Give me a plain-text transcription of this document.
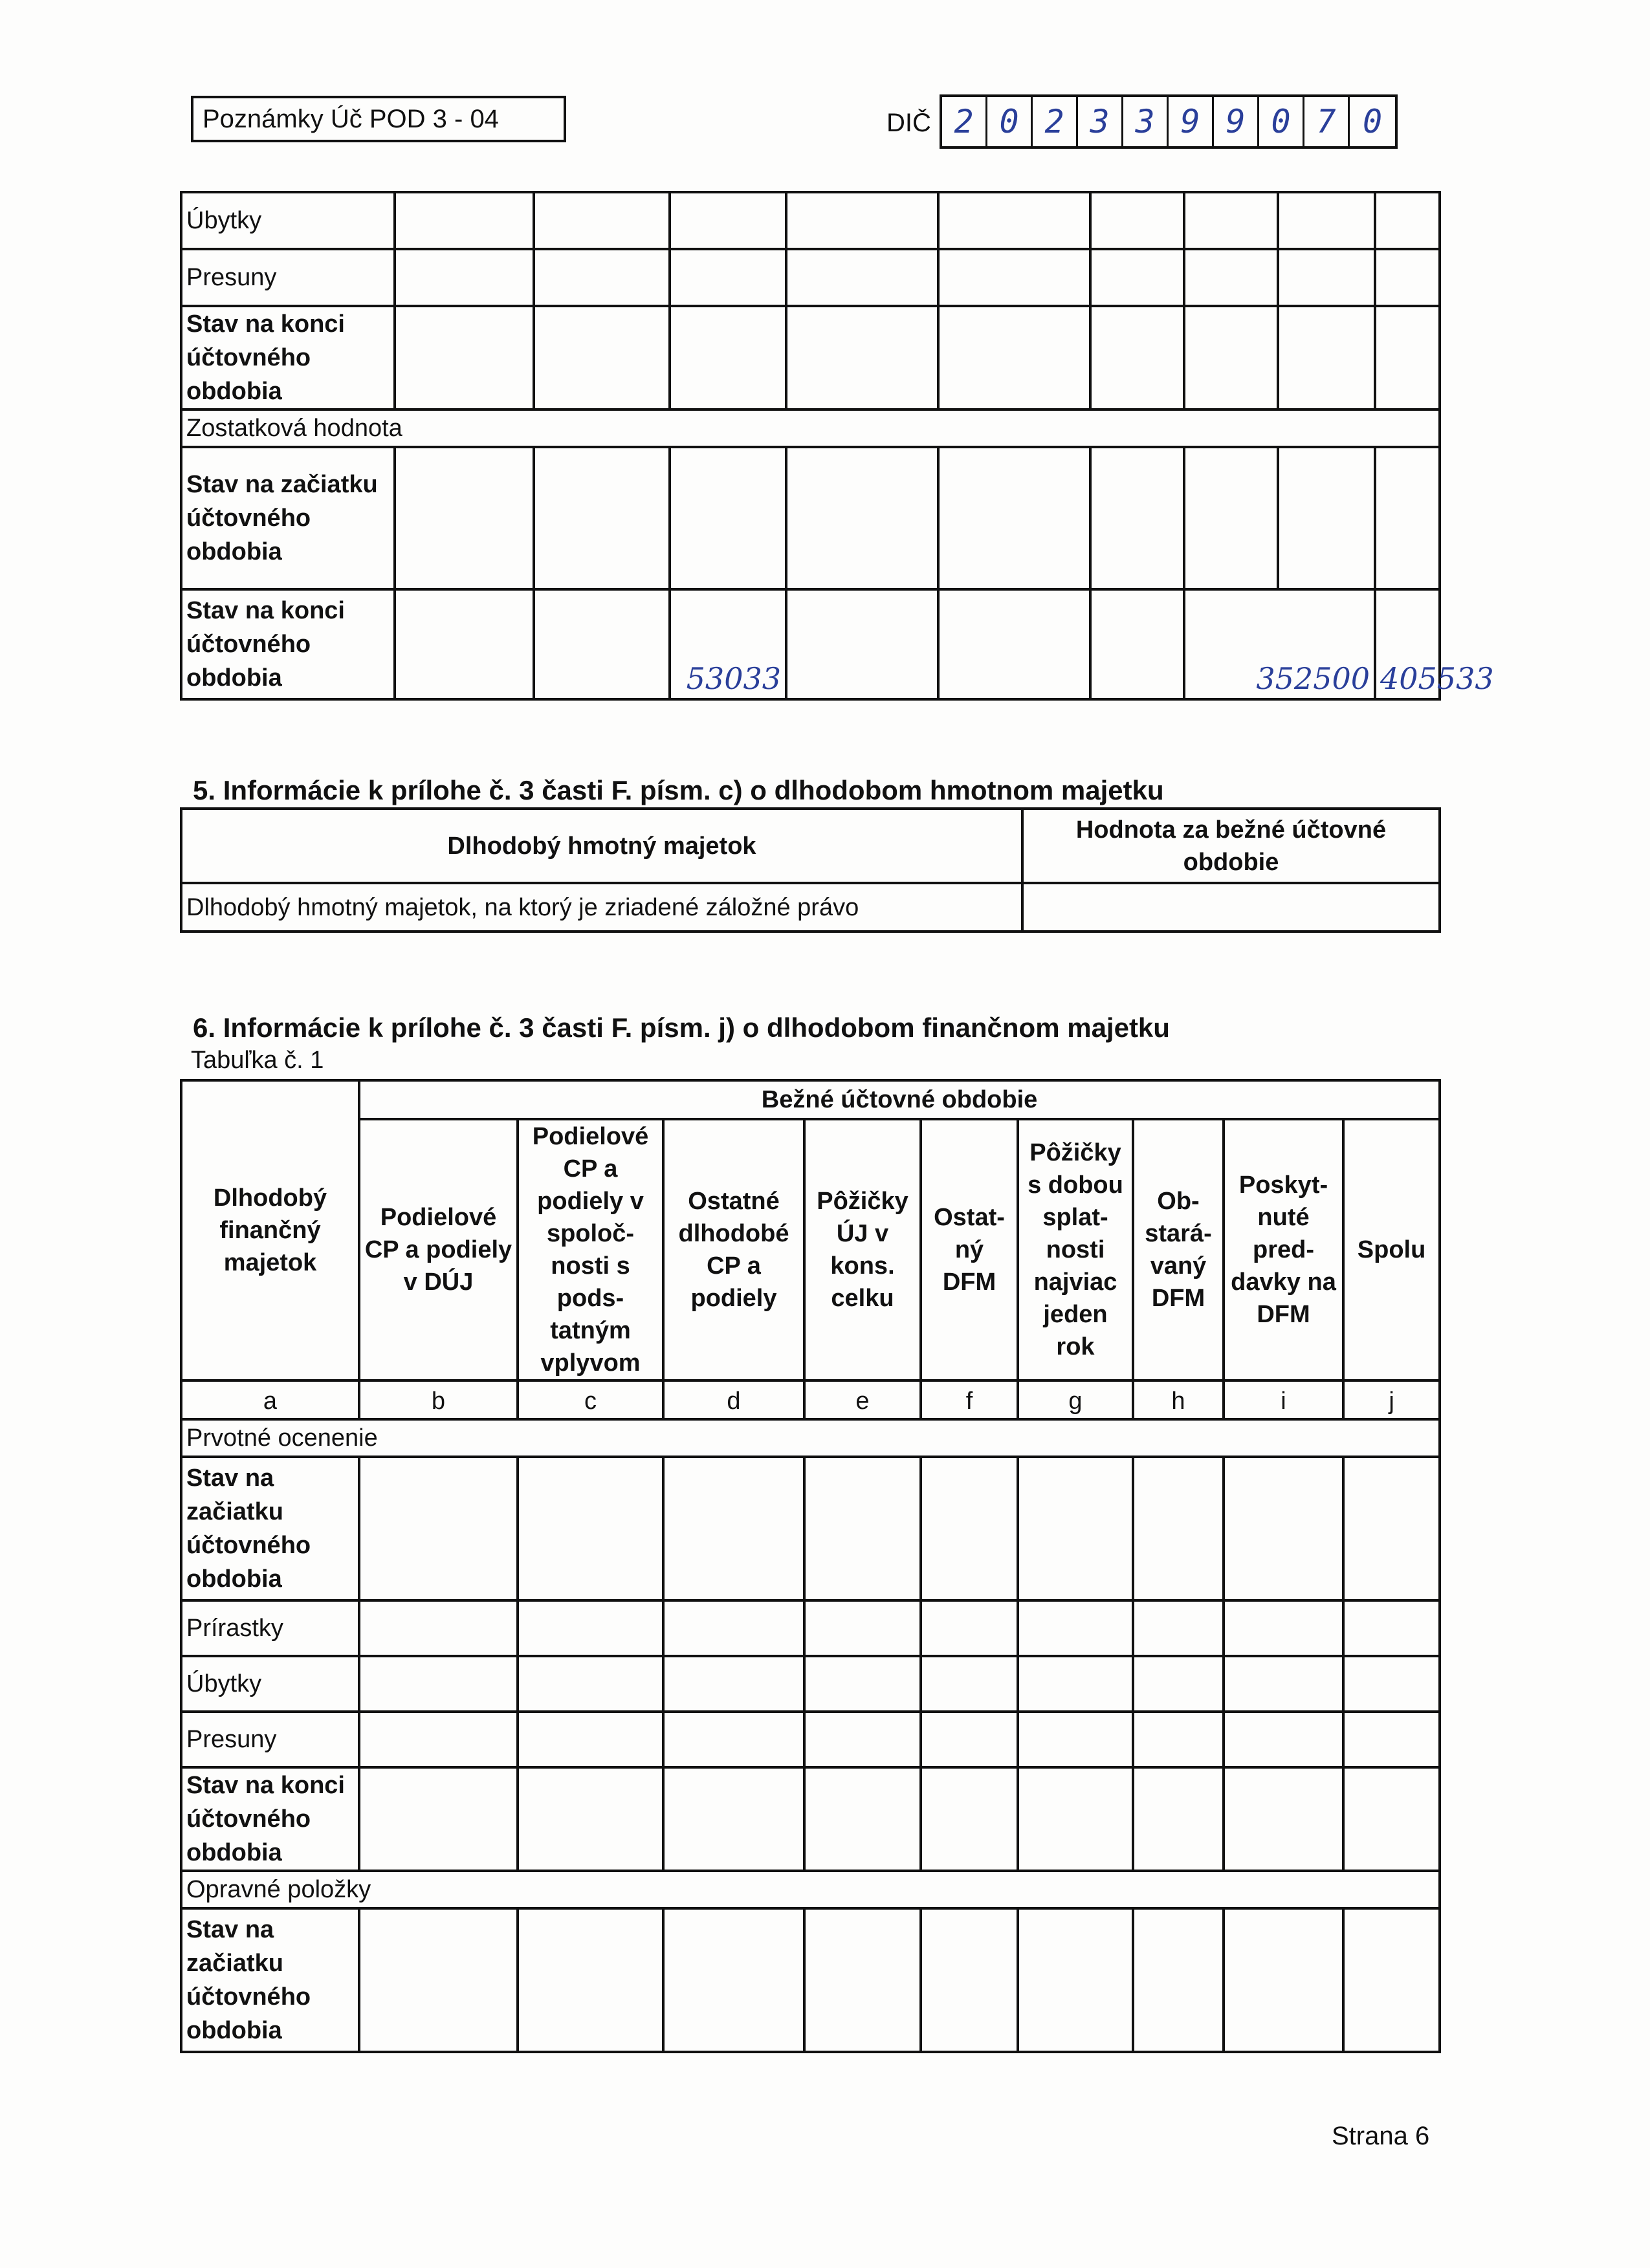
Poznámky Úč POD 3 - 04	DIČ 2 0 2 3 3 9 9 0 7 0
Úbytky									
Presuny									
Stav na konci účtovného obdobia									
Zostatková hodnota									
Stav na začiatku účtovného obdobia									
Stav na konci účtovného obdobia			53033				352500		405533
5. Informácie k prílohe č. 3 časti F. písm. c) o dlhodobom hmotnom majetku
Dlhodobý hmotný majetok	Hodnota za bežné účtovné obdobie
Dlhodobý hmotný majetok, na ktorý je zriadené záložné právo	
6. Informácie k prílohe č. 3 časti F. písm. j) o dlhodobom finančnom majetku
Tabuľka č. 1
Dlhodobý finančný majetok	Bežné účtovné obdobie								
	Podielové CP a podiely v DÚJ	Podielové CP a podiely v spoloč-nosti s pods-tatným vplyvom	Ostatné dlhodobé CP a podiely	Pôžičky ÚJ v kons. celku	Ostat-ný DFM	Pôžičky s dobou splat-nosti najviac jeden rok	Ob-stará-vaný DFM	Poskyt-nuté pred-davky na DFM	Spolu
a	b	c	d	e	f	g	h	i	j
Prvotné ocenenie									
Stav na začiatku účtovného obdobia									
Prírastky									
Úbytky									
Presuny									
Stav na konci účtovného obdobia									
Opravné položky									
Stav na začiatku účtovného obdobia									
Strana 6
